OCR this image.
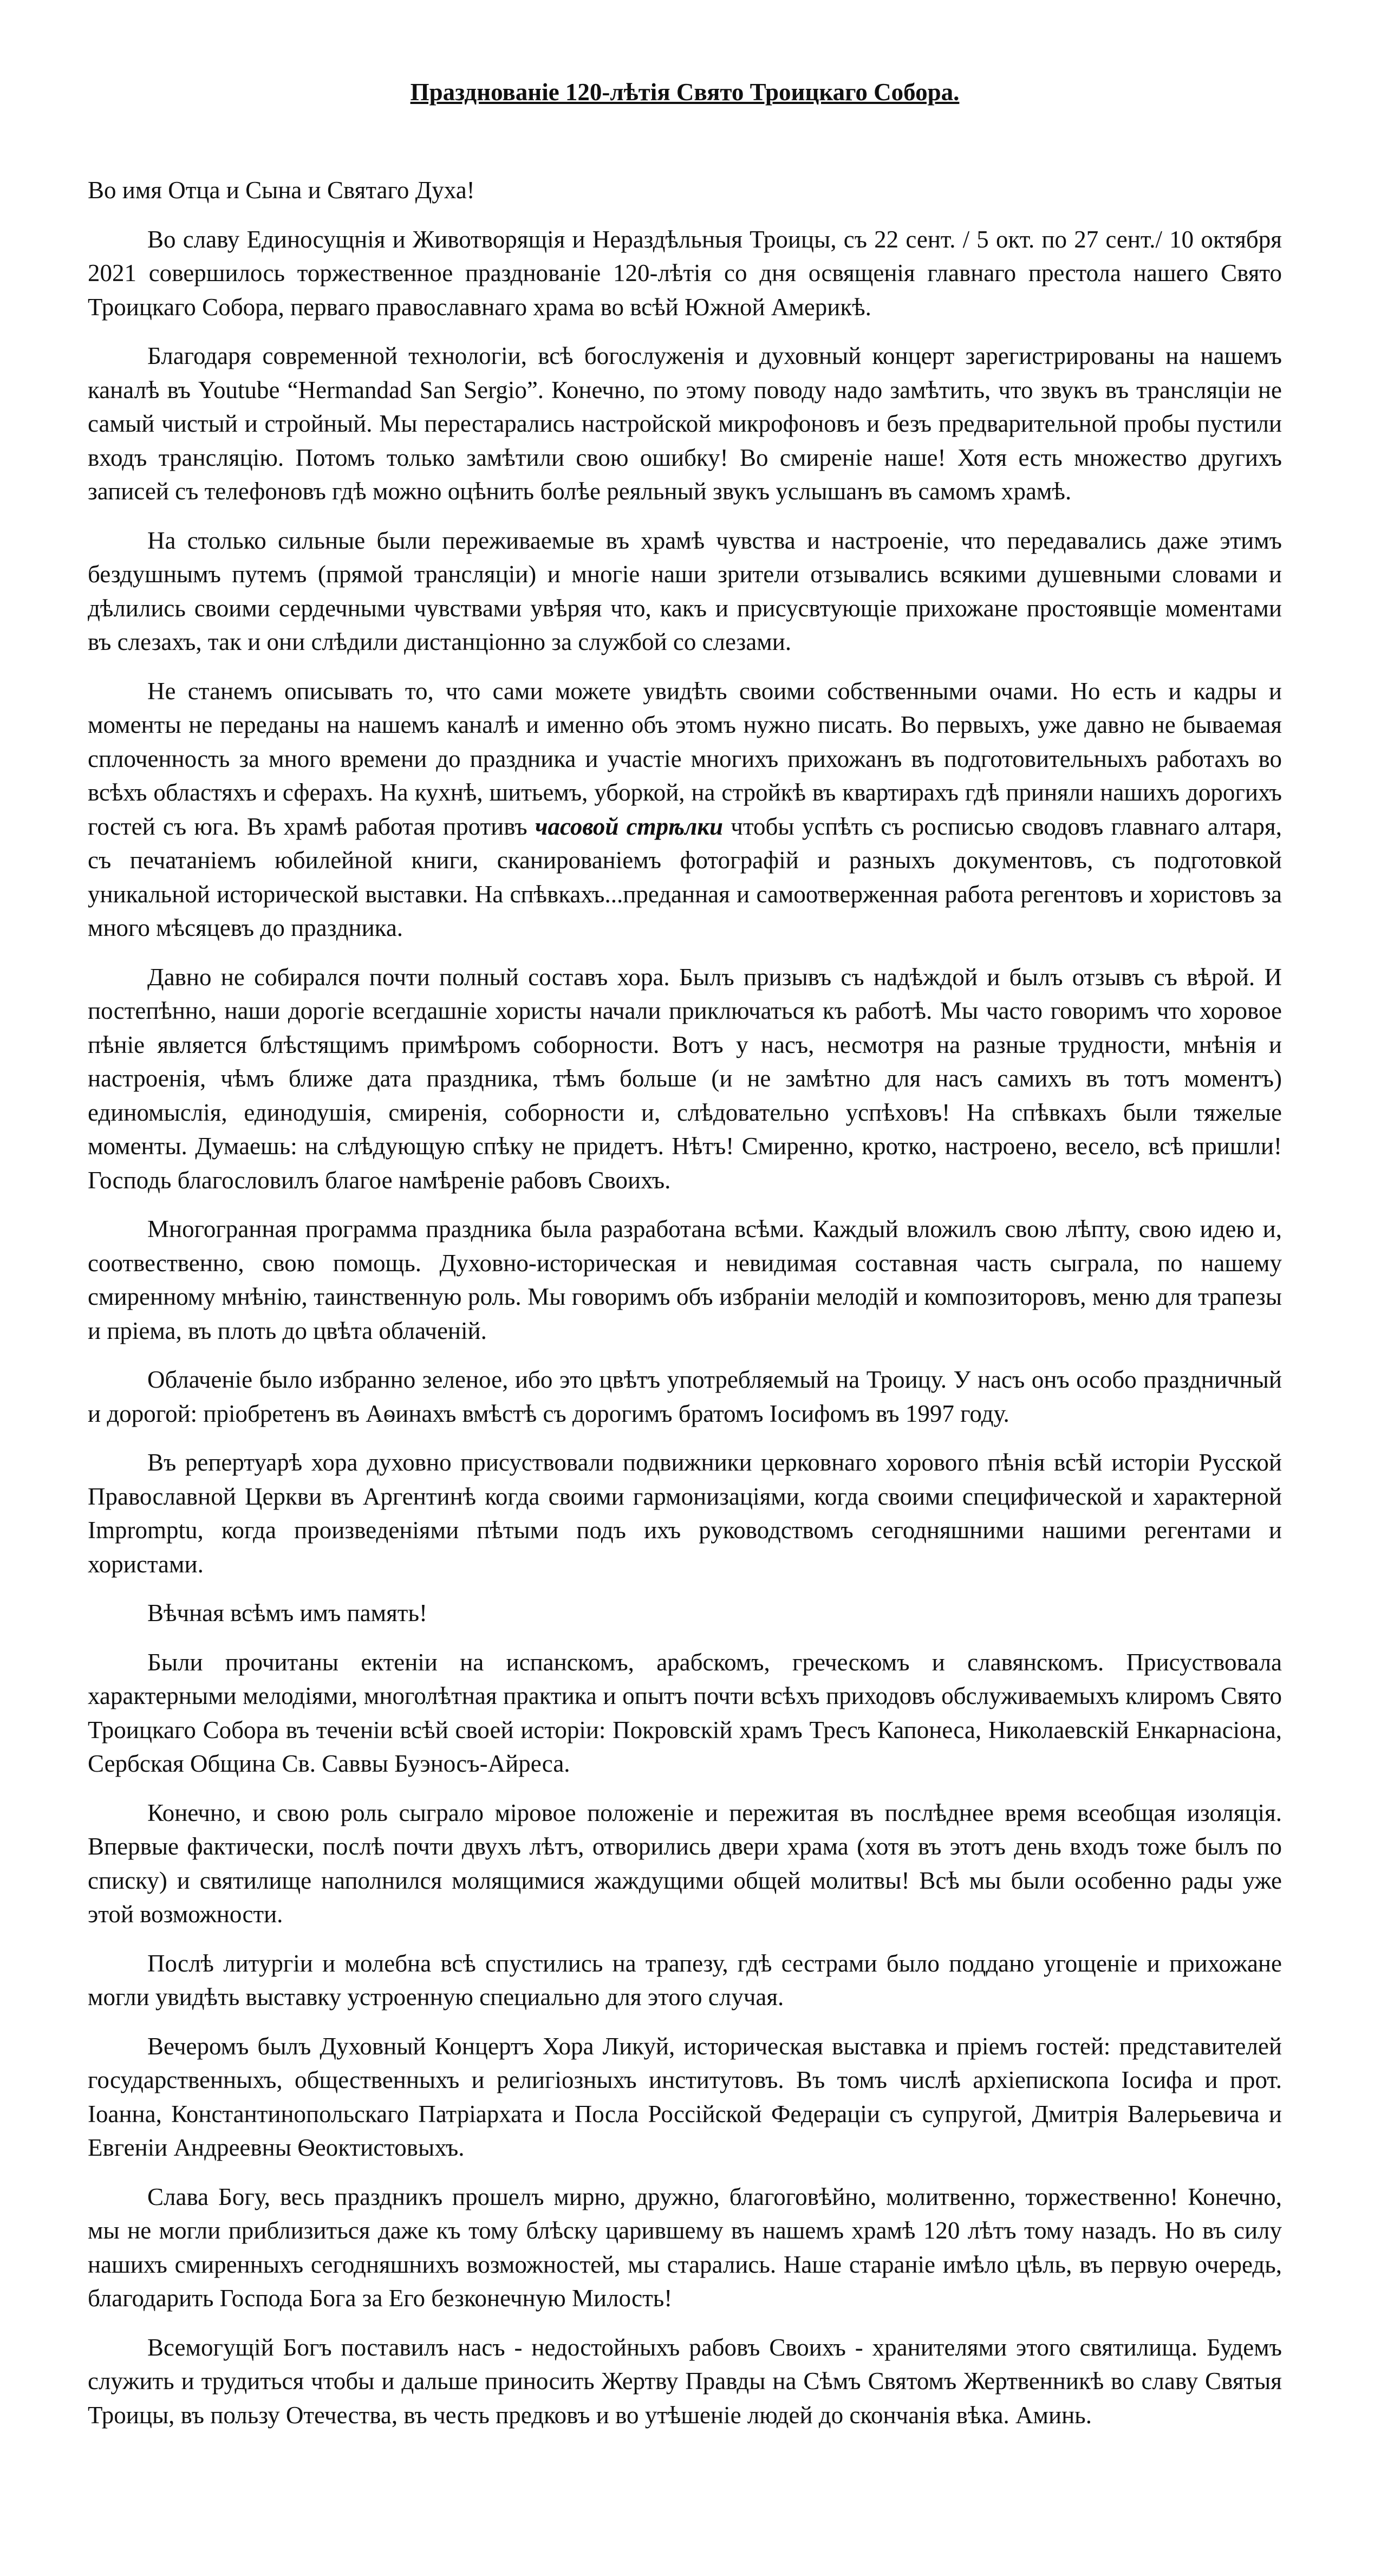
Празднованіе 120-лѣтія Свято Троицкаго Собора.

Во имя Отца и Сына и Святаго Духа!

Во славу Единосущнія и Животворящія и Нераздѣльныя Троицы, съ 22 сент. / 5 окт. по 27 сент./ 10 октября 2021 совершилось торжественное празднованіе 120-лѣтія со дня освященія главнаго престола нашего Свято Троицкаго Собора, перваго православнаго храма во всѣй Южной Америкѣ.

Благодаря современной технологіи, всѣ богослуженія и духовный концерт зарегистрированы на нашемъ каналѣ въ Youtube “Hermandad San Sergio”. Конечно, по этому поводу надо замѣтить, что звукъ въ трансляціи не самый чистый и стройный. Мы перестарались настройской микрофоновъ и безъ предварительной пробы пустили входъ трансляцію. Потомъ только замѣтили свою ошибку! Во смиреніе наше! Хотя есть множество другихъ записей съ телефоновъ гдѣ можно оцѣнить болѣе реяльный звукъ услышанъ въ самомъ храмѣ.

На столько сильные были переживаемые въ храмѣ чувства и настроеніе, что передавались даже этимъ бездушнымъ путемъ (прямой трансляціи) и многіе наши зрители отзывались всякими душевными словами и дѣлились своими сердечными чувствами увѣряя что, какъ и присусвтующіе прихожане простоявщіе моментами въ слезахъ, так и они слѣдили дистанціонно за службой со слезами.

Не станемъ описывать то, что сами можете увидѣть своими собственными очами. Но есть и кадры и моменты не переданы на нашемъ каналѣ и именно объ этомъ нужно писать. Во первыхъ, уже давно не бываемая сплоченность за много времени до праздника и участіе многихъ прихожанъ въ подготовительныхъ работахъ во всѣхъ областяхъ и сферахъ. На кухнѣ, шитьемъ, уборкой, на стройкѣ въ квартирахъ гдѣ приняли нашихъ дорогихъ гостей съ юга. Въ храмѣ работая противъ часовой стрѣлки чтобы успѣть съ росписью сводовъ главнаго алтаря, съ печатаніемъ юбилейной книги, сканированіемъ фотографій и разныхъ документовъ, съ подготовкой уникальной исторической выставки. На спѣвкахъ...преданная и самоотверженная работа регентовъ и хористовъ за много мѣсяцевъ до праздника.

Давно не собирался почти полный составъ хора. Былъ призывъ съ надѣждой и былъ отзывъ съ вѣрой. И постепѣнно, наши дорогіе всегдашніе хористы начали приключаться къ работѣ. Мы часто говоримъ что хоровое пѣніе является блѣстящимъ примѣромъ соборности. Вотъ у насъ, несмотря на разные трудности, мнѣнія и настроенія, чѣмъ ближе дата праздника, тѣмъ больше (и не замѣтно для насъ самихъ въ тотъ моментъ) единомыслія, единодушія, смиренія, соборности и, слѣдовательно успѣховъ! На спѣвкахъ были тяжелые моменты. Думаешь: на слѣдующую спѣку не придетъ. Нѣтъ! Смиренно, кротко, настроено, весело, всѣ пришли! Господь благословилъ благое намѣреніе рабовъ Своихъ.

Многогранная программа праздника была разработана всѣми. Каждый вложилъ свою лѣпту, свою идею и, соотвественно, свою помощь. Духовно-историческая и невидимая составная часть сыграла, по нашему смиренному мнѣнію, таинственную роль. Мы говоримъ объ избраніи мелодій и композиторовъ, меню для трапезы и пріема, въ плоть до цвѣта облаченій.

Облаченіе было избранно зеленое, ибо это цвѣтъ употребляемый на Троицу. У насъ онъ особо праздничный и дорогой: пріобретенъ въ Аѳинахъ вмѣстѣ съ дорогимъ братомъ Іосифомъ въ 1997 году.

Въ репертуарѣ хора духовно присуствовали подвижники церковнаго хорового пѣнія всѣй исторіи Русской Православной Церкви въ Аргентинѣ когда своими гармонизаціями, когда своими специфической и характерной Impromptu, когда произведеніями пѣтыми подъ ихъ руководствомъ сегодняшними нашими регентами и хористами.

Вѣчная всѣмъ имъ память!

Были прочитаны ектеніи на испанскомъ, арабскомъ, греческомъ и славянскомъ. Присуствовала характерными мелодіями, многолѣтная практика и опытъ почти всѣхъ приходовъ обслуживаемыхъ клиромъ Свято Троицкаго Собора въ теченіи всѣй своей исторіи: Покровскій храмъ Тресъ Капонеса, Николаевскій Енкарнасіона, Сербская Община Св. Саввы Буэносъ-Айреса.

Конечно, и свою роль сыграло міровое положеніе и пережитая въ послѣднее время всеобщая изоляція. Впервые фактически, послѣ почти двухъ лѣтъ, отворились двери храма (хотя въ этотъ день входъ тоже былъ по списку) и святилище наполнился молящимися жаждущими общей молитвы! Всѣ мы были особенно рады уже этой возможности.

Послѣ литургіи и молебна всѣ спустились на трапезу, гдѣ сестрами было поддано угощеніе и прихожане могли увидѣть выставку устроенную специально для этого случая.

Вечеромъ былъ Духовный Концертъ Хора Ликуй, историческая выставка и пріемъ гостей: представителей государственныхъ, общественныхъ и религіозныхъ институтовъ. Въ томъ числѣ архіепископа Іосифа и прот. Іоанна, Константинопольскаго Патріархата и Посла Россійской Федераціи съ супругой, Дмитрія Валерьевича и Евгеніи Андреевны Ѳеоктистовыхъ.

Слава Богу, весь праздникъ прошелъ мирно, дружно, благоговѣйно, молитвенно, торжественно! Конечно, мы не могли приблизиться даже къ тому блѣску царившему въ нашемъ храмѣ 120 лѣтъ тому назадъ. Но въ силу нашихъ смиренныхъ сегодняшнихъ возможностей, мы старались. Наше стараніе имѣло цѣль, въ первую очередь, благодарить Господа Бога за Его безконечную Милость!

Всемогущій Богъ поставилъ насъ - недостойныхъ рабовъ Своихъ - хранителями этого святилища. Будемъ служить и трудиться чтобы и дальше приносить Жертву Правды на Сѣмъ Святомъ Жертвенникѣ во славу Святыя Троицы, въ пользу Отечества, въ честь предковъ и во утѣшеніе людей до скончанія вѣка. Аминь.
